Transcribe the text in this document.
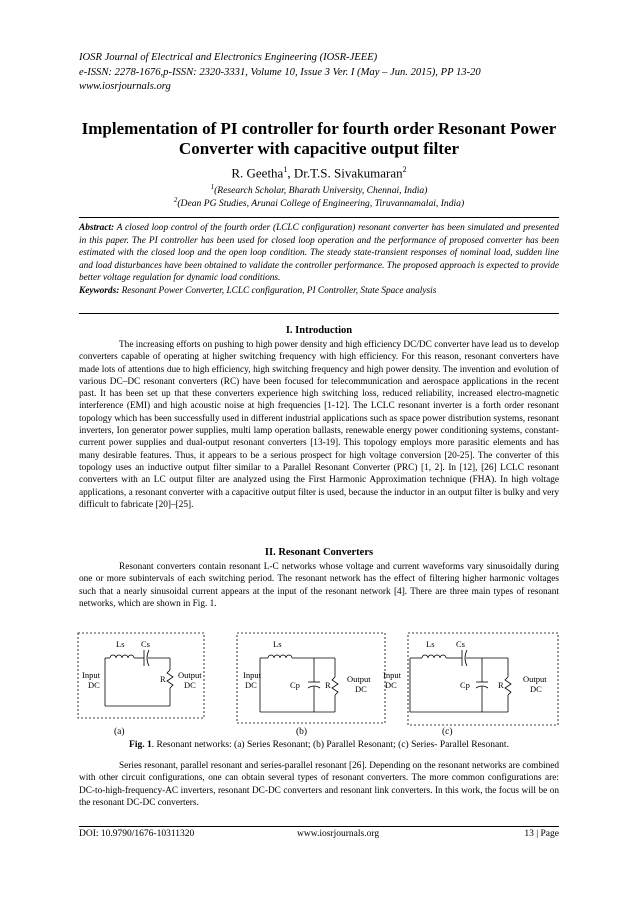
IOSR Journal of Electrical and Electronics Engineering (IOSR-JEEE)
e-ISSN: 2278-1676,p-ISSN: 2320-3331, Volume 10, Issue 3 Ver. I (May – Jun. 2015), PP 13-20
www.iosrjournals.org
Implementation of PI controller for fourth order Resonant Power Converter with capacitive output filter
R. Geetha$^1$, Dr.T.S. Sivakumaran$^2$
$^1$(Research Scholar, Bharath University, Chennai, India)
$^2$(Dean PG Studies, Arunai College of Engineering, Tiruvannamalai, India)
Abstract: A closed loop control of the fourth order (LCLC configuration) resonant converter has been simulated and presented in this paper. The PI controller has been used for closed loop operation and the performance of proposed converter has been estimated with the closed loop and the open loop condition. The steady state-transient responses of nominal load, sudden line and load disturbances have been obtained to validate the controller performance. The proposed approach is expected to provide better voltage regulation for dynamic load conditions.
Keywords: Resonant Power Converter, LCLC configuration, PI Controller, State Space analysis
I. Introduction

The increasing efforts on pushing to high power density and high efficiency DC/DC converter have lead us to develop converters capable of operating at higher switching frequency with high efficiency. For this reason, resonant converters have made lots of attentions due to high efficiency, high switching frequency and high power density. The invention and evolution of various DC–DC resonant converters (RC) have been focused for telecommunication and aerospace applications in the recent past. It has been set up that these converters experience high switching loss, reduced reliability, increased electro-magnetic interference (EMI) and high acoustic noise at high frequencies [1-12]. The LCLC resonant inverter is a forth order resonant topology which has been successfully used in different industrial applications such as space power distribution systems, resonant inverters, Ion generator power supplies, multi lamp operation ballasts, renewable energy power conditioning systems, constant-current power supplies and dual-output resonant converters [13-19]. This topology employs more parasitic elements and has many desirable features. Thus, it appears to be a serious prospect for high voltage conversion [20-25]. The converter of this topology uses an inductive output filter similar to a Parallel Resonant Converter (PRC) [1, 2]. In [12], [26] LCLC resonant converters with an LC output filter are analyzed using the First Harmonic Approximation technique (FHA). In high voltage applications, a resonant converter with a capacitive output filter is used, because the inductor in an output filter is bulky and very difficult to fabricate [20]–[25].

II. Resonant Converters

Resonant converters contain resonant L-C networks whose voltage and current waveforms vary sinusoidally during one or more subintervals of each switching period. The resonant network has the effect of filtering higher harmonic voltages such that a nearly sinusoidal current appears at the input of the resonant network [4]. There are three main types of resonant networks, which are shown in Fig. 1.

Input
DC
Ls Cs
R Output
DC
Input
DC
Ls
Cp	R
Output
DC
Input
DC
Ls	Cs
Cp	R
Output
DC
(a)	(b)	(c)
Fig. 1. Resonant networks: (a) Series Resonant; (b) Parallel Resonant; (c) Series- Parallel Resonant.

Series resonant, parallel resonant and series-parallel resonant [26]. Depending on the resonant networks are combined with other circuit configurations, one can obtain several types of resonant converters. The more common configurations are: DC-to-high-frequency-AC inverters, resonant DC-DC converters and resonant link converters. In this work, the focus will be on the resonant DC-DC converters.

DOI: 10.9790/1676-10311320	www.iosrjournals.org	13 | Page
